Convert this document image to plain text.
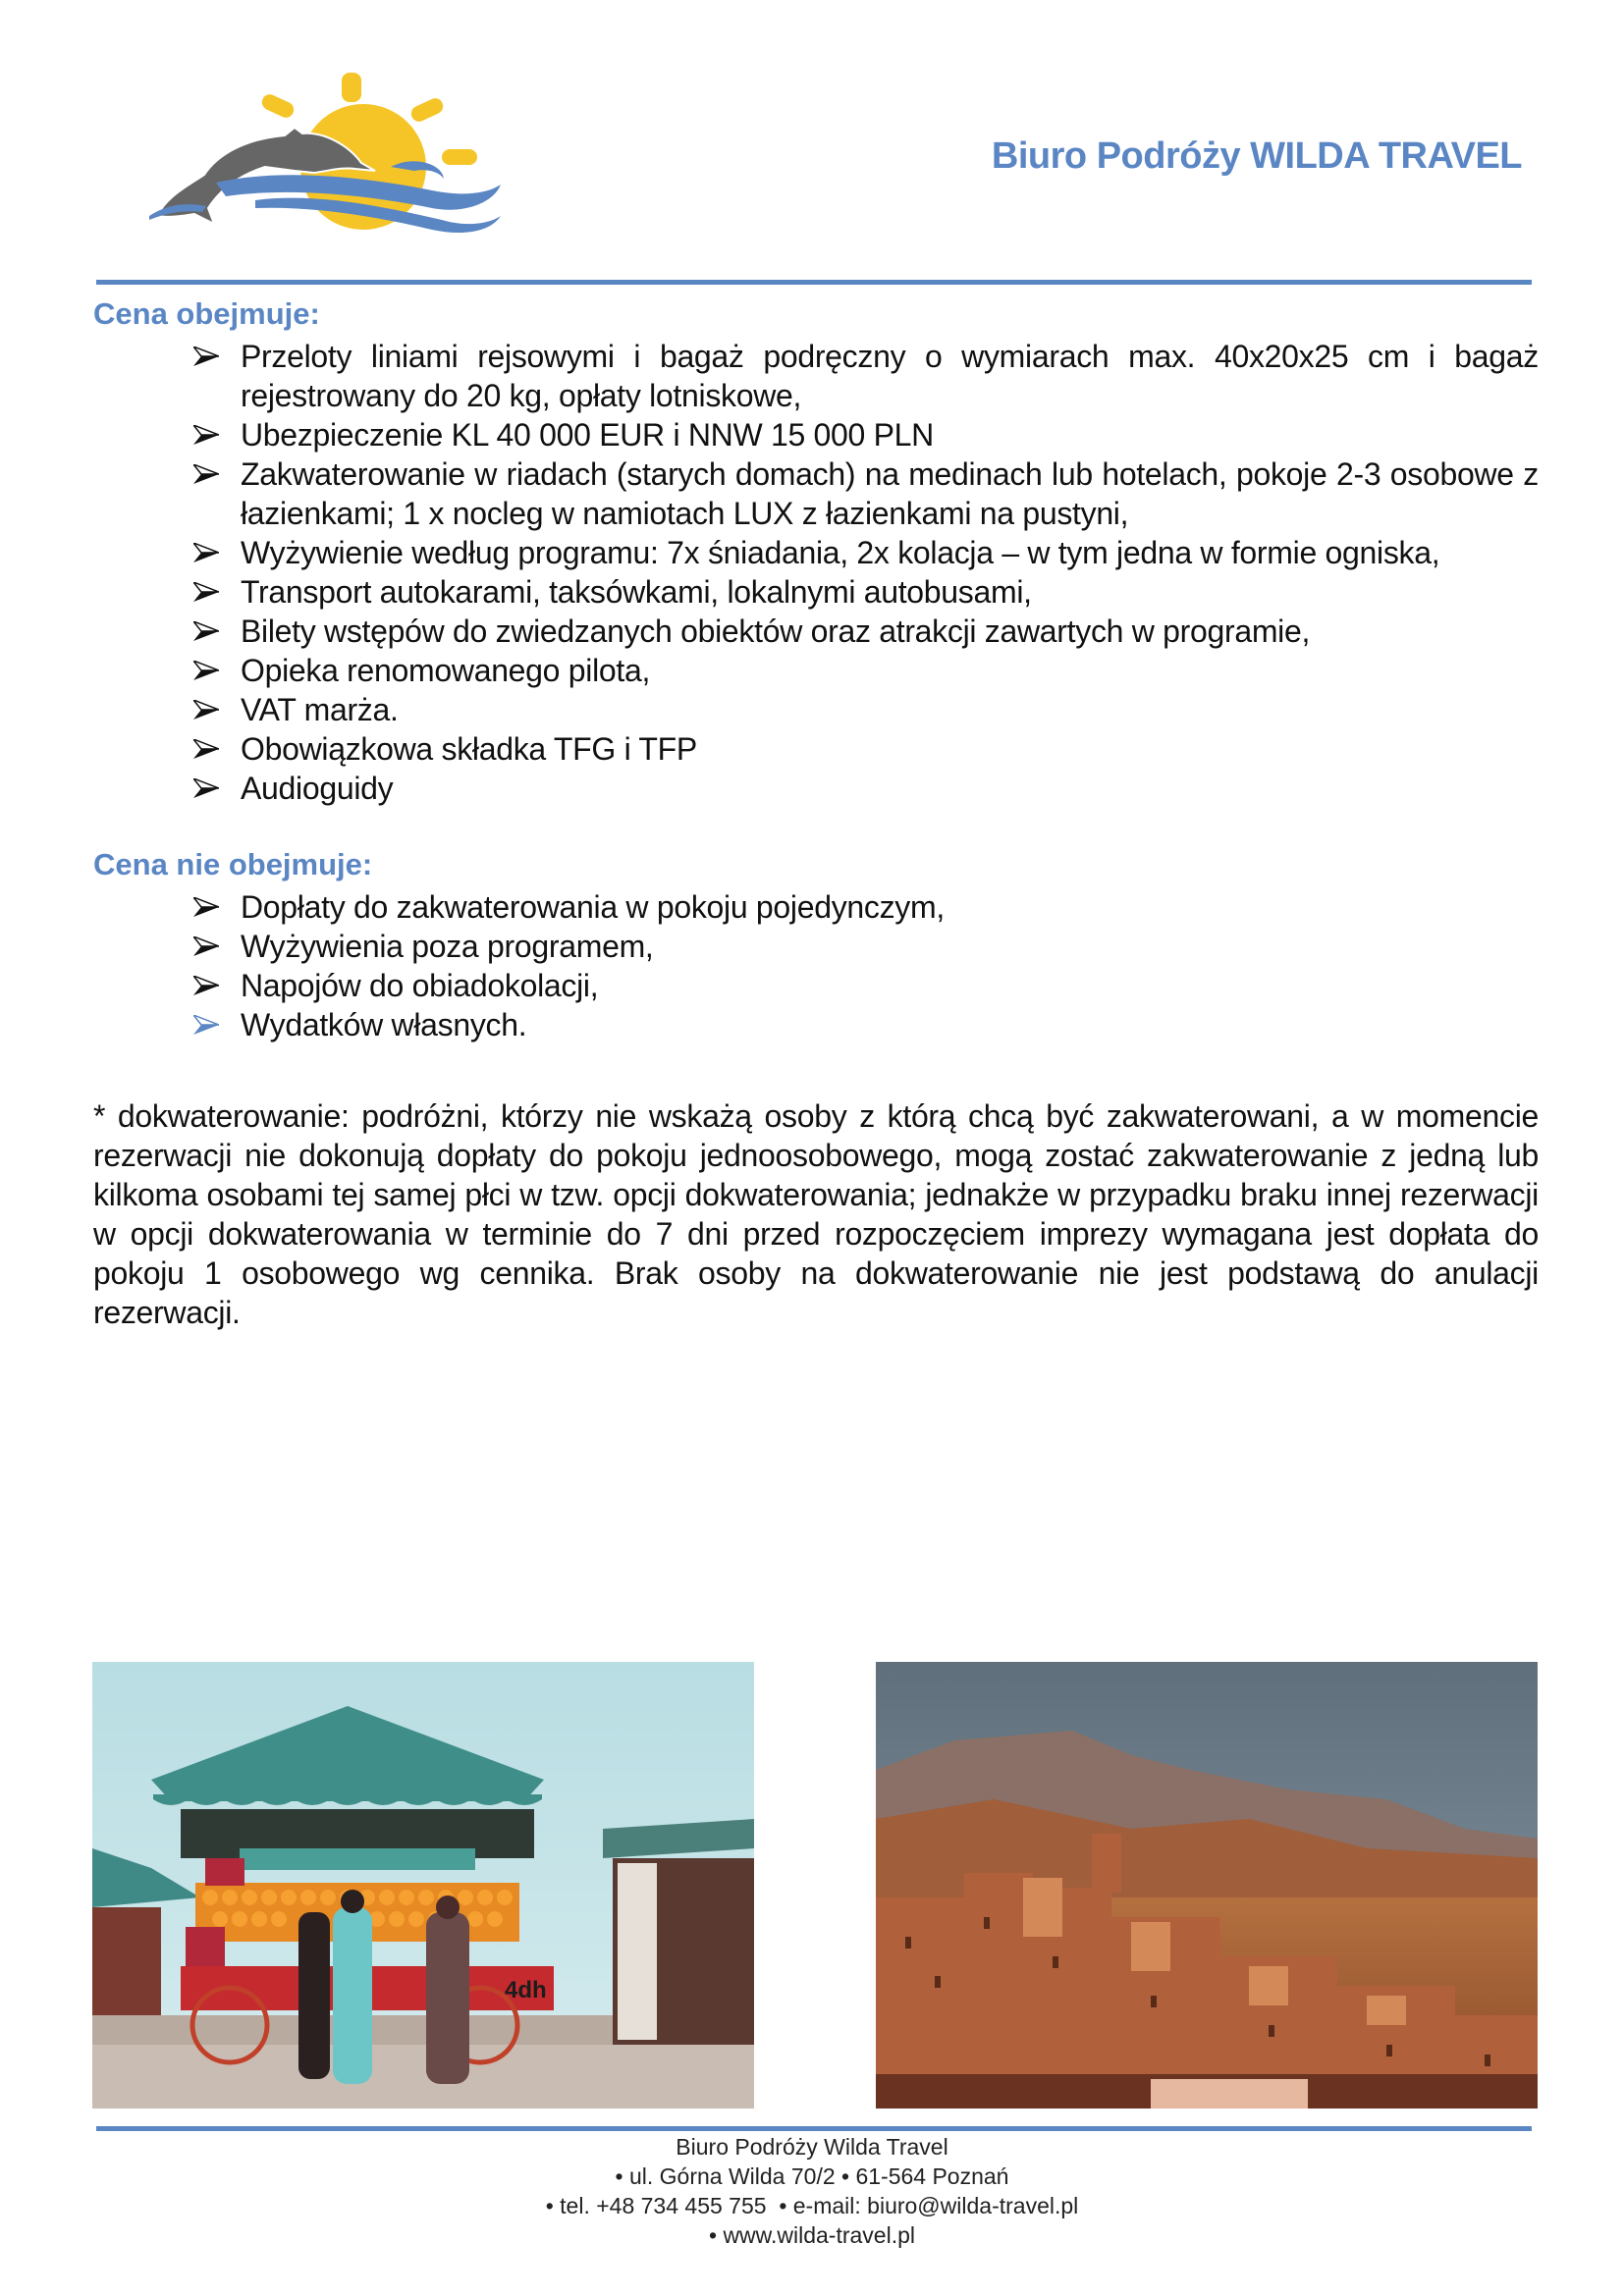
Biuro Podróży WILDA TRAVEL
Cena obejmuje:
Przeloty liniami rejsowymi i bagaż podręczny o wymiarach max. 40x20x25 cm i bagaż rejestrowany do 20 kg, opłaty lotniskowe,
Ubezpieczenie KL 40 000 EUR i NNW 15 000 PLN
Zakwaterowanie w riadach (starych domach) na medinach lub hotelach, pokoje 2-3 osobowe z łazienkami; 1 x nocleg w namiotach LUX z łazienkami na pustyni,
Wyżywienie według programu: 7x śniadania, 2x kolacja – w tym jedna w formie ogniska,
Transport autokarami, taksówkami, lokalnymi autobusami,
Bilety wstępów do zwiedzanych obiektów oraz atrakcji zawartych w programie,
Opieka renomowanego pilota,
VAT marża.
Obowiązkowa składka TFG i TFP
Audioguidy
Cena nie obejmuje:
Dopłaty do zakwaterowania w pokoju pojedynczym,
Wyżywienia poza programem,
Napojów do obiadokolacji,
Wydatków własnych.

* dokwaterowanie: podróżni, którzy nie wskażą osoby z którą chcą być zakwaterowani, a w momencie rezerwacji nie dokonują dopłaty do pokoju jednoosobowego, mogą zostać zakwaterowanie z jedną lub kilkoma osobami tej samej płci w tzw. opcji dokwaterowania; jednakże w przypadku braku innej rezerwacji w opcji dokwaterowania w terminie do 7 dni przed rozpoczęciem imprezy wymagana jest dopłata do pokoju 1 osobowego wg cennika. Brak osoby na dokwaterowanie nie jest podstawą do anulacji rezerwacji.

4dh
Biuro Podróży Wilda Travel
• ul. Górna Wilda 70/2 • 61-564 Poznań
• tel. +48 734 455 755  • e-mail: biuro@wilda-travel.pl
• www.wilda-travel.pl
